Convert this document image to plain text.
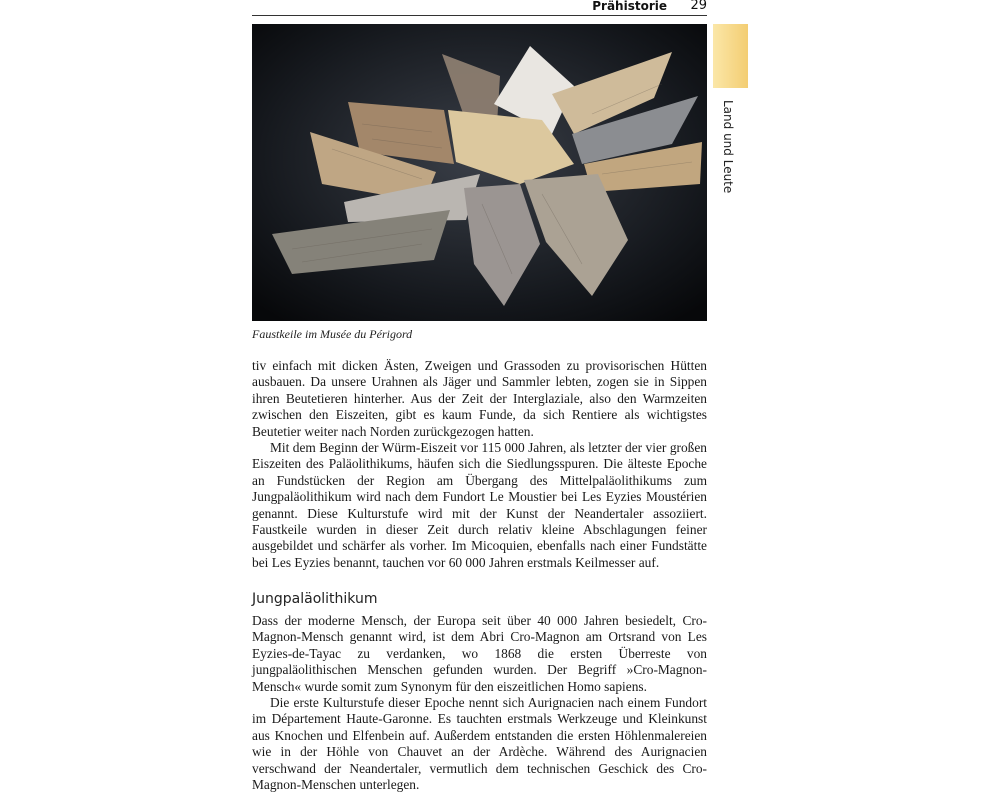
Prähistorie 29
Faustkeile im Musée du Périgord
Land und Leute

tiv einfach mit dicken Ästen, Zweigen und Grassoden zu provisorischen Hütten ausbauen. Da unsere Urahnen als Jäger und Sammler lebten, zogen sie in Sippen ihren Beutetieren hinterher. Aus der Zeit der Interglaziale, also den Warmzeiten zwischen den Eiszeiten, gibt es kaum Funde, da sich Rentiere als wichtigstes Beutetier weiter nach Norden zurückgezogen hatten.

Mit dem Beginn der Würm-Eiszeit vor 115 000 Jahren, als letzter der vier großen Eiszeiten des Paläolithikums, häufen sich die Siedlungsspuren. Die älteste Epoche an Fundstücken der Region am Übergang des Mittelpaläolithikums zum Jungpaläolithikum wird nach dem Fundort Le Moustier bei Les Eyzies Moustérien genannt. Diese Kulturstufe wird mit der Kunst der Neandertaler assoziiert. Faustkeile wurden in dieser Zeit durch relativ kleine Abschlagungen feiner ausgebildet und schärfer als vorher. Im Micoquien, ebenfalls nach einer Fundstätte bei Les Eyzies benannt, tauchen vor 60 000 Jahren erstmals Keilmesser auf.

Jungpaläolithikum

Dass der moderne Mensch, der Europa seit über 40 000 Jahren besiedelt, Cro-Magnon-Mensch genannt wird, ist dem Abri Cro-Magnon am Ortsrand von Les Eyzies-de-Tayac zu verdanken, wo 1868 die ersten Überreste von jungpaläolithischen Menschen gefunden wurden. Der Begriff »Cro-Magnon-Mensch« wurde somit zum Synonym für den eiszeitlichen Homo sapiens.

Die erste Kulturstufe dieser Epoche nennt sich Aurignacien nach einem Fundort im Département Haute-Garonne. Es tauchten erstmals Werkzeuge und Kleinkunst aus Knochen und Elfenbein auf. Außerdem entstanden die ersten Höhlenmalereien wie in der Höhle von Chauvet an der Ardèche. Während des Aurignacien verschwand der Neandertaler, vermutlich dem technischen Geschick des Cro-Magnon-Menschen unterlegen.
